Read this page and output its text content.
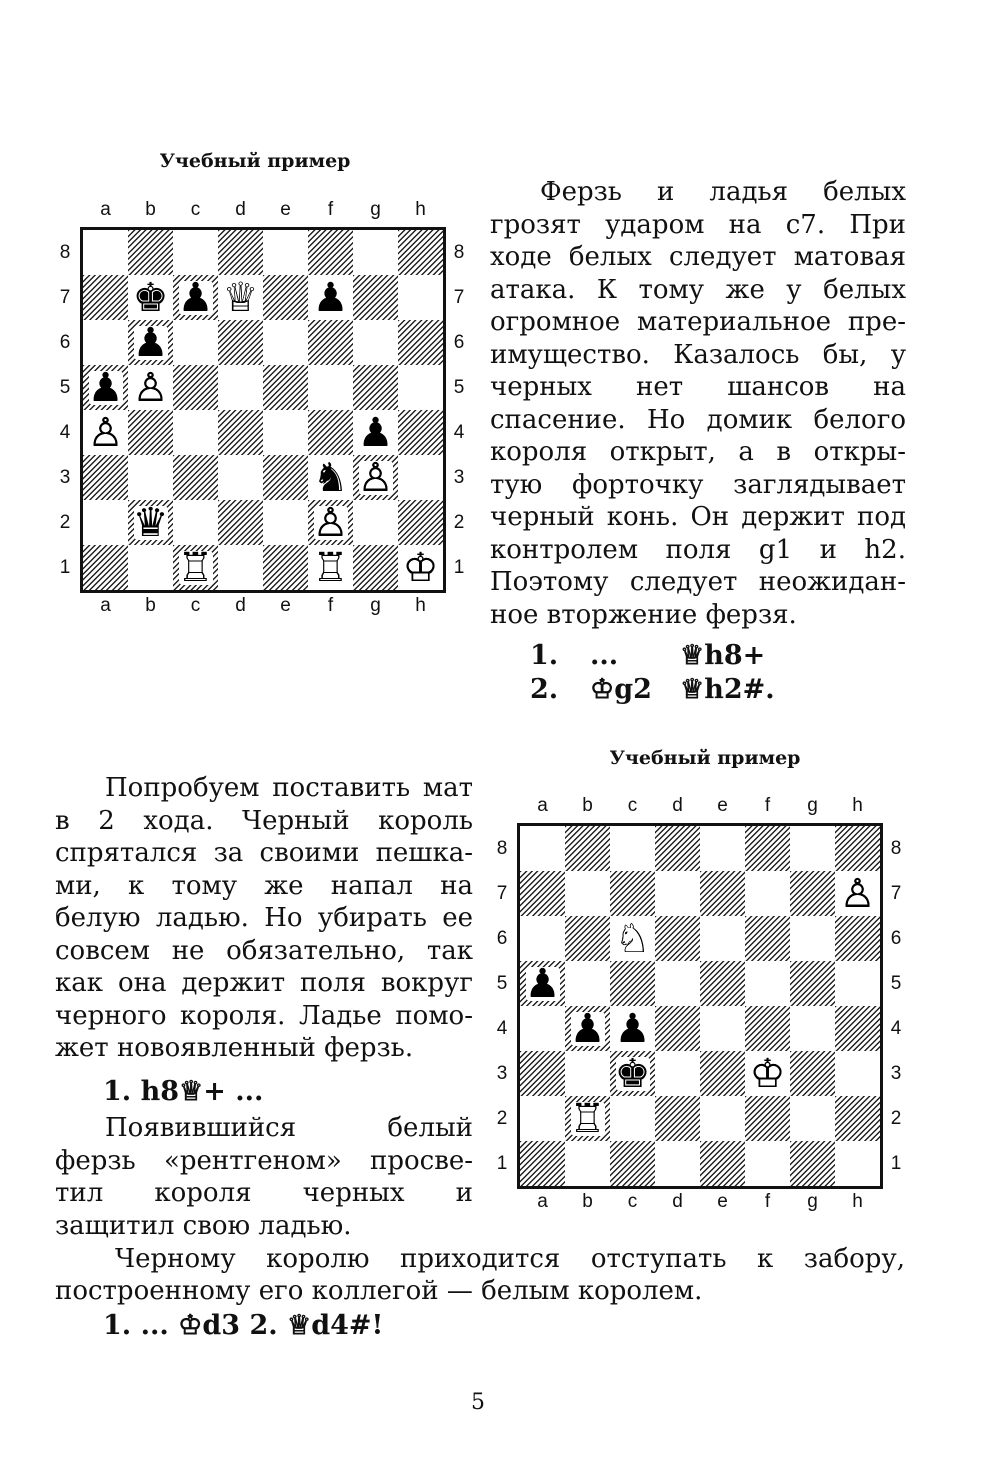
Учебный пример
a
a
b
b
c
c
d
d
e
e
f
f
g
g
h
h
8	8
7	7
6	6
5	5
4	4
3	3
2	2
1	1
♚ ♟ ♕ ♟
♟
♟ ♙
♙	♟
♞ ♙
♛	♙
♖ ♖ ♔
Ферзь и ладья белых
грозят ударом на с7. При
ходе белых следует матовая
атака. К тому же у белых
огромное материальное пре-
имущество. Казалось бы, у
черных нет шансов на
спасение. Но домик белого
короля открыт, а в откры-
тую форточку заглядывает
черный конь. Он держит под
контролем поля g1 и h2.
Поэтому следует неожидан-
ное вторжение ферзя.
1. ... ♕h8+
2. ♔g2 ♕h2#.
Учебный пример
a
a
b
b
c
c
d
d
e
e
f
f
g
g
h
h
8	8
7	7
6	6
5	5
4	4
3	3
2	2
1	1
♙
♘
♟
♟ ♟
♚ ♔
♖
Попробуем поставить мат
в 2 хода. Черный король
спрятался за своими пешка-
ми, к тому же напал на
белую ладью. Но убирать ее
совсем не обязательно, так
как она держит поля вокруг
черного короля. Ладье помо-
жет новоявленный ферзь.
1. h8♕+ ...
Появившийся белый
ферзь «рентгеном» просве-
тил короля черных и
защитил свою ладью.
Черному королю приходится отступать к забору,
построенному его коллегой — белым королем.
1. ... ♔d3 2. ♕d4#!
5
